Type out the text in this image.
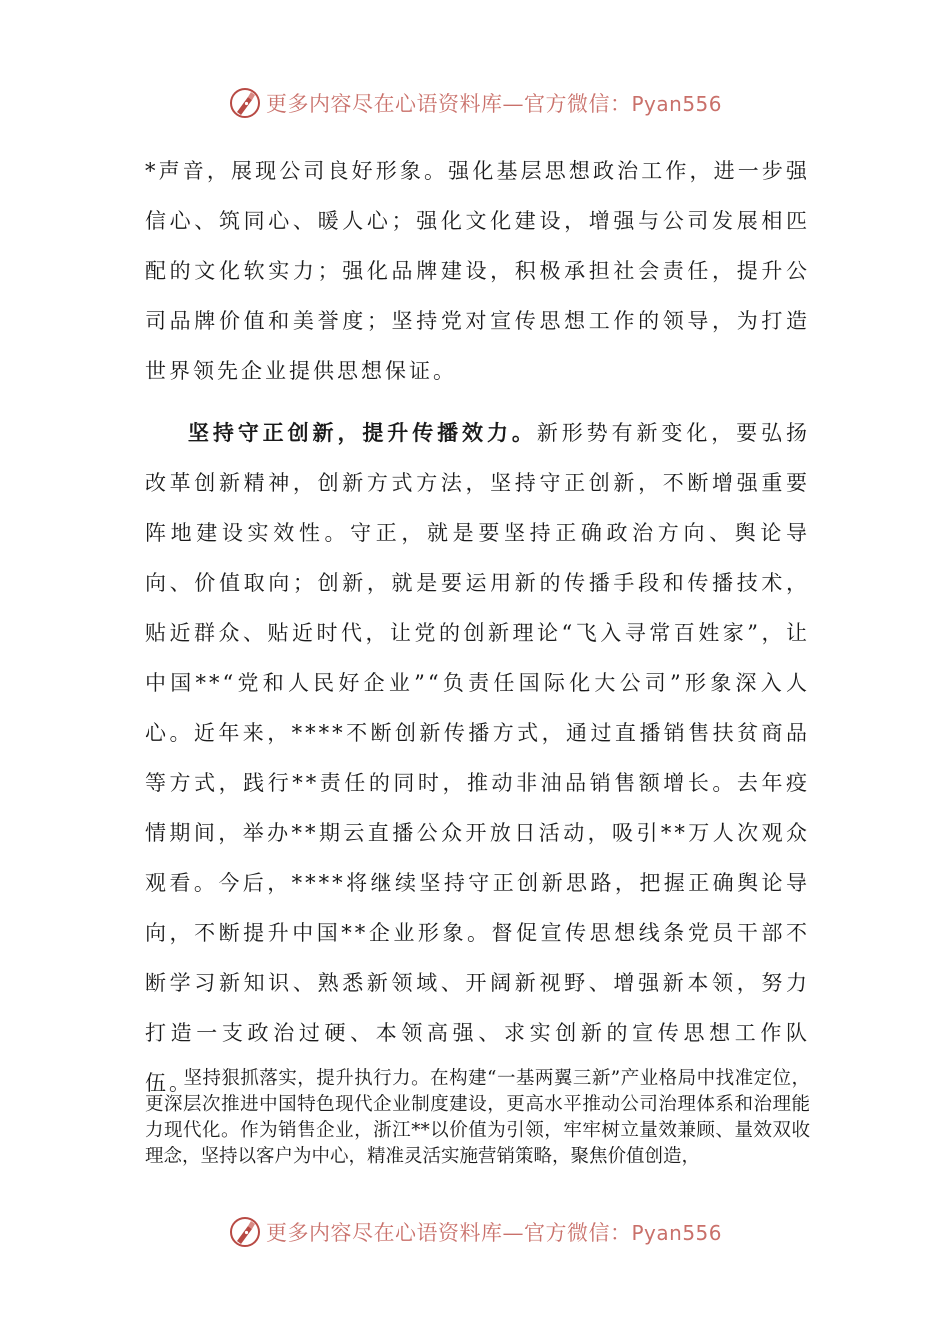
更多内容尽在心语资料库—官方微信：Pyan556

*声音，展现公司良好形象。强化基层思想政治工作，进一步强信心、筑同心、暖人心；强化文化建设，增强与公司发展相匹配的文化软实力；强化品牌建设，积极承担社会责任，提升公司品牌价值和美誉度；坚持党对宣传思想工作的领导，为打造世界领先企业提供思想保证。

坚持守正创新，提升传播效力。新形势有新变化，要弘扬改革创新精神，创新方式方法，坚持守正创新，不断增强重要阵地建设实效性。守正，就是要坚持正确政治方向、舆论导向、价值取向；创新，就是要运用新的传播手段和传播技术，贴近群众、贴近时代，让党的创新理论“飞入寻常百姓家”，让中国**“党和人民好企业”“负责任国际化大公司”形象深入人心。近年来，****不断创新传播方式，通过直播销售扶贫商品等方式，践行**责任的同时，推动非油品销售额增长。去年疫情期间，举办**期云直播公众开放日活动，吸引**万人次观众观看。今后，****将继续坚持守正创新思路，把握正确舆论导向，不断提升中国**企业形象。督促宣传思想线条党员干部不断学习新知识、熟悉新领域、开阔新视野、增强新本领，努力打造一支政治过硬、本领高强、求实创新的宣传思想工作队伍。

坚持狠抓落实，提升执行力。在构建“一基两翼三新”产业格局中找准定位，更深层次推进中国特色现代企业制度建设，更高水平推动公司治理体系和治理能力现代化。作为销售企业，浙江**以价值为引领，牢牢树立量效兼顾、量效双收理念，坚持以客户为中心，精准灵活实施营销策略，聚焦价值创造，

更多内容尽在心语资料库—官方微信：Pyan556
